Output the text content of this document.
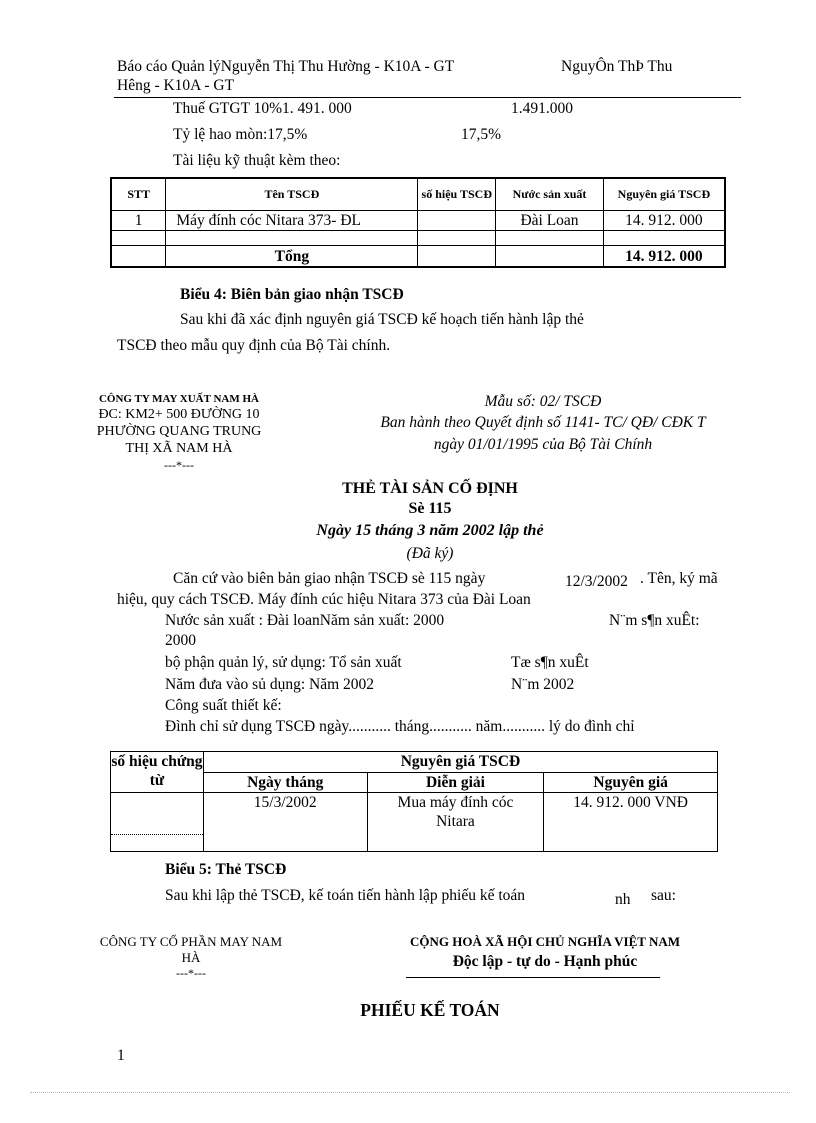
Báo cáo Quản lýNguyễn Thị Thu Hường - K10A - GT	NguyÔn ThÞ Thu
Hêng - K10A - GT
Thuế GTGT 10%1. 491. 000	1.491.000
Tỷ lệ hao mòn:17,5%	17,5%
Tài liệu kỹ thuật kèm theo:
STT	Tên TSCĐ	số hiệu TSCĐ	Nước sản xuất	Nguyên giá TSCĐ
1	Máy đính cóc Nitara 373- ĐL		Đài Loan	14. 912. 000

	Tổng			14. 912. 000
Biểu 4: Biên bản giao nhận TSCĐ
Sau khi đã xác định nguyên giá TSCĐ kế hoạch tiến hành lập thẻ
TSCĐ theo mẫu quy định của Bộ Tài chính.
CÔNG TY MAY XUẤT NAM HÀ
ĐC: KM2+ 500 ĐƯỜNG 10
PHƯỜNG QUANG TRUNG
THỊ XÃ NAM HÀ
---*---
Mẫu số: 02/ TSCĐ
Ban hành theo Quyết định số 1141- TC/ QĐ/ CĐK T
ngày 01/01/1995 của Bộ Tài Chính
THẺ TÀI SẢN CỐ ĐỊNH
Sè 115
Ngày 15 tháng 3 năm 2002 lập thẻ
(Đã ký)
Căn cứ vào biên bản giao nhận TSCĐ sè 115 ngày	12/3/2002 . Tên, ký mã
hiệu, quy cách TSCĐ. Máy đính cúc hiệu Nitara 373 của Đài Loan
Nước sản xuất : Đài loanNăm sản xuất: 2000	N¨m s¶n xuÊt:
2000
bộ phận quản lý, sử dụng: Tổ sản xuất	Tæ s¶n xuÊt
Năm đưa vào sủ dụng: Năm 2002	N¨m 2002
Công suất thiết kế:
Đình chỉ sử dụng TSCĐ ngày........... tháng........... năm........... lý do đình chỉ
số hiệu chứng từ	Nguyên giá TSCĐ		
	Ngày tháng	Diễn giải	Nguyên giá
	15/3/2002	Mua máy đính cóc Nitara	14. 912. 000 VNĐ
Biểu 5: Thẻ TSCĐ
Sau khi lập thẻ TSCĐ, kế toán tiến hành lập phiếu kế toán	nh sau:
CÔNG TY CỔ PHẦN MAY NAM
HÀ
---*---
CỘNG HOÀ XÃ HỘI CHỦ NGHĨA VIỆT NAM
Độc lập - tự do - Hạnh phúc
PHIẾU KẾ TOÁN
1
